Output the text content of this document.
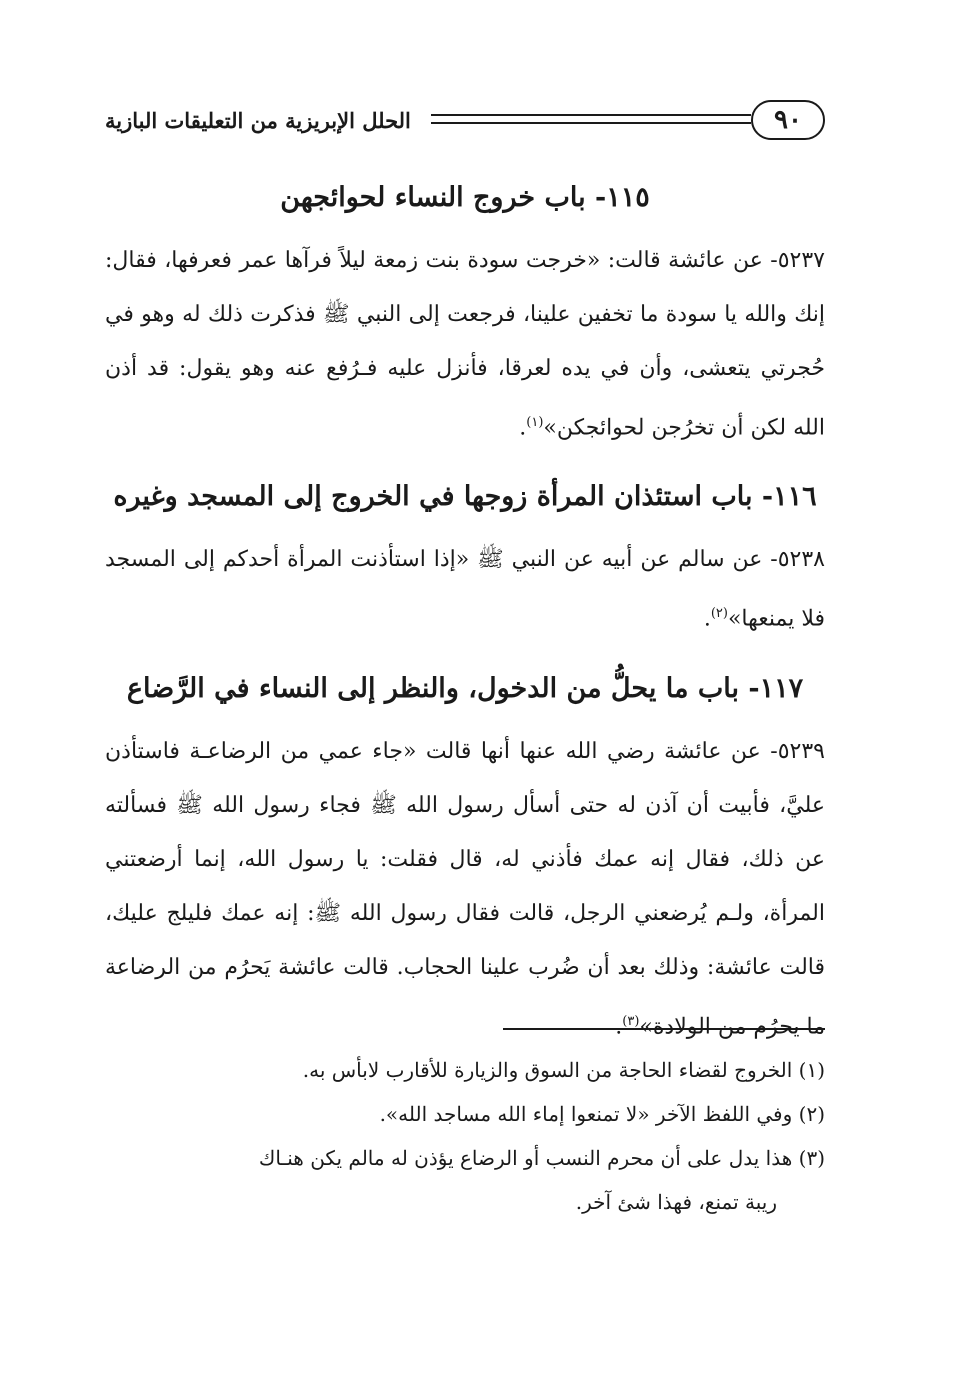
٩٠
الحلل الإبريزية من التعليقات البازية
١١٥- باب خروج النساء لحوائجهن

٥٢٣٧- عن عائشة قالت: «خرجت سودة بنت زمعة ليلاً فرآها عمر فعرفها، فقال: إنك والله يا سودة ما تخفين علينا، فرجعت إلى النبي ﷺ فذكرت ذلك له وهو في حُجرتي يتعشى، وأن في يده لعرقا، فأنزل عليه فـرُفع عنه وهو يقول: قد أذن الله لكن أن تخرُجن لحوائجكن»$^{(١)}$.

١١٦- باب استئذان المرأة زوجها في الخروج إلى المسجد وغيره

٥٢٣٨- عن سالم عن أبيه عن النبي ﷺ «إذا استأذنت المرأة أحدكم إلى المسجد فلا يمنعها»$^{(٢)}$.

١١٧- باب ما يحلُّ من الدخول، والنظر إلى النساء في الرَّضاع

٥٢٣٩- عن عائشة رضي الله عنها أنها قالت «جاء عمي من الرضاعـة فاستأذن عليَّ، فأبيت أن آذن له حتى أسأل رسول الله ﷺ فجاء رسول الله ﷺ فسألته عن ذلك، فقال إنه عمك فأذني له، قال فقلت: يا رسول الله، إنما أرضعتني المرأة، ولـم يُرضعني الرجل، قالت فقال رسول الله ﷺ: إنه عمك فليلج عليك، قالت عائشة: وذلك بعد أن ضُرب علينا الحجاب. قالت عائشة يَحرُم من الرضاعة ما يحرُم من الولادة»$^{(٣)}$.

(١) الخروج لقضاء الحاجة من السوق والزيارة للأقارب لابأس به.

(٢) وفي اللفظ الآخر «لا تمنعوا إماء الله مساجد الله».

(٣) هذا يدل على أن محرم النسب أو الرضاع يؤذن له مالم يكن هنـاك

ريبة تمنع، فهذا شئ آخر.
